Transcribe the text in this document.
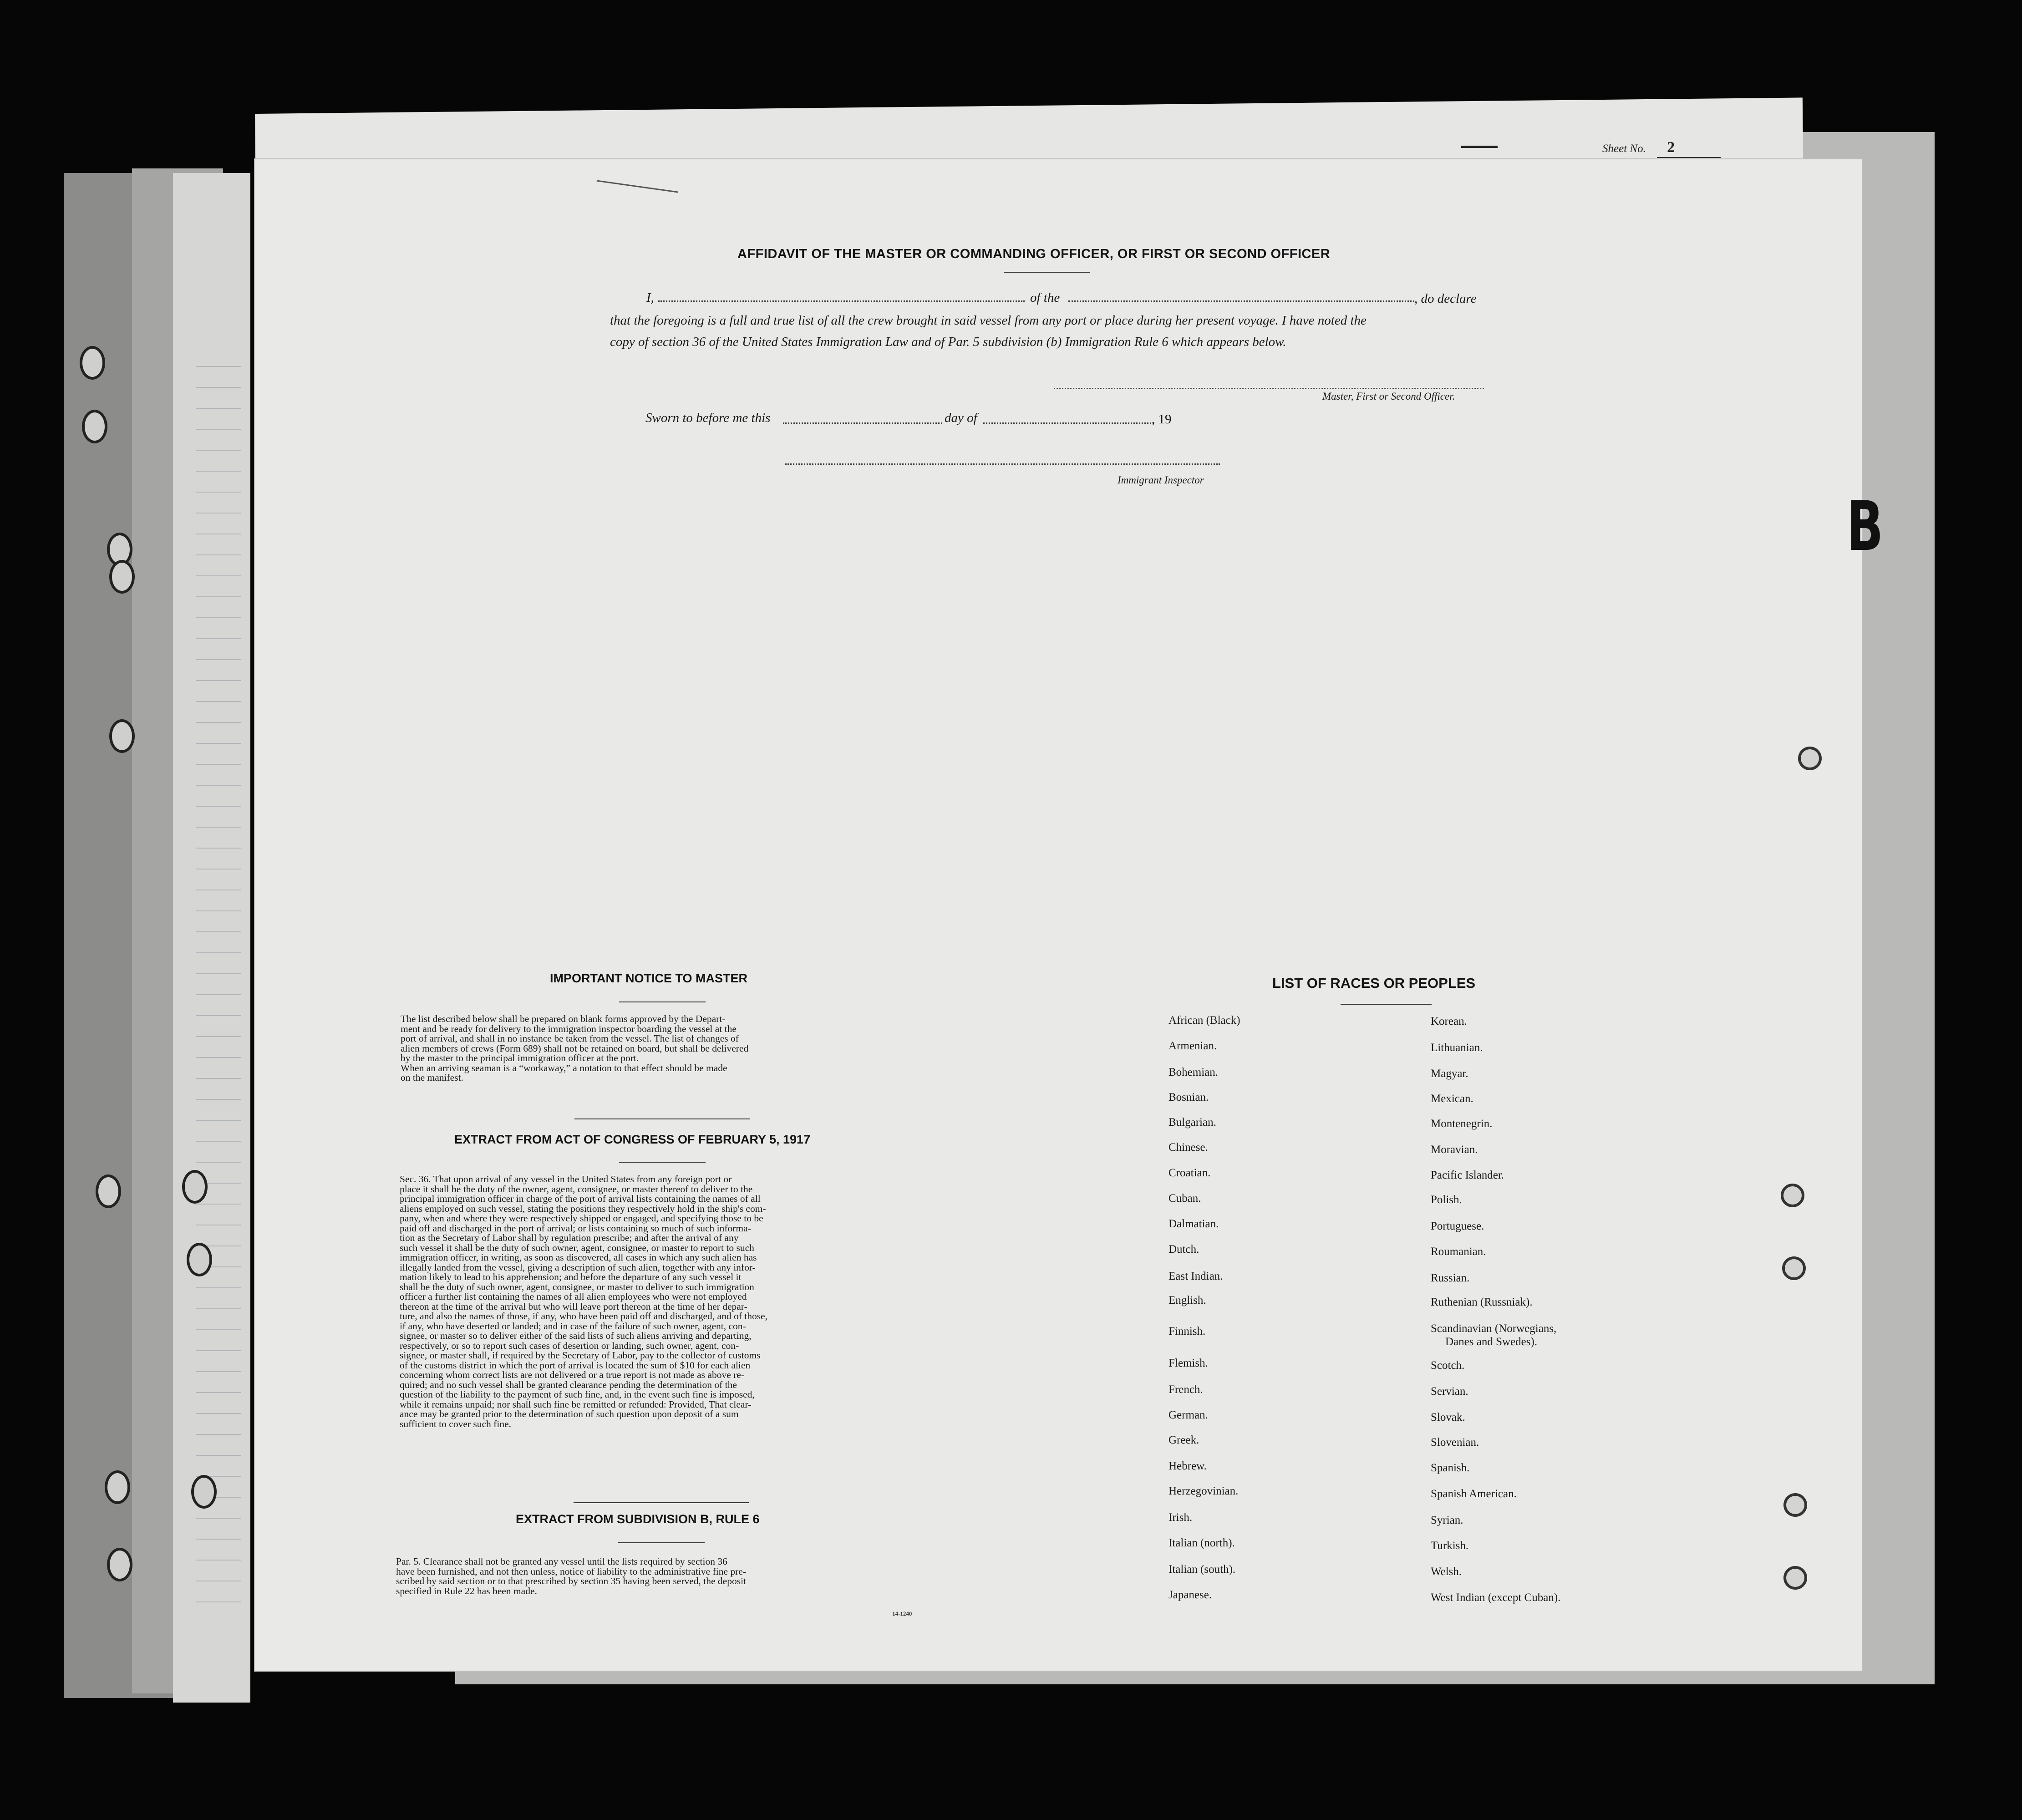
Sheet No. 2
B
AFFIDAVIT OF THE MASTER OR COMMANDING OFFICER, OR FIRST OR SECOND OFFICER
I,	of the	, do declare
that the foregoing is a full and true list of all the crew brought in said vessel from any port or place during her present voyage. I have noted the
copy of section 36 of the United States Immigration Law and of Par. 5 subdivision (b) Immigration Rule 6 which appears below.
Master, First or Second Officer.
Sworn to before me this	day of	, 19
Immigrant Inspector
IMPORTANT NOTICE TO MASTER

The list described below shall be prepared on blank forms approved by the Depart-

ment and be ready for delivery to the immigration inspector boarding the vessel at the

port of arrival, and shall in no instance be taken from the vessel. The list of changes of

alien members of crews (Form 689) shall not be retained on board, but shall be delivered

by the master to the principal immigration officer at the port.

When an arriving seaman is a “workaway,” a notation to that effect should be made

on the manifest.

EXTRACT FROM ACT OF CONGRESS OF FEBRUARY 5, 1917

Sec. 36. That upon arrival of any vessel in the United States from any foreign port or

place it shall be the duty of the owner, agent, consignee, or master thereof to deliver to the

principal immigration officer in charge of the port of arrival lists containing the names of all

aliens employed on such vessel, stating the positions they respectively hold in the ship's com-

pany, when and where they were respectively shipped or engaged, and specifying those to be

paid off and discharged in the port of arrival; or lists containing so much of such informa-

tion as the Secretary of Labor shall by regulation prescribe; and after the arrival of any

such vessel it shall be the duty of such owner, agent, consignee, or master to report to such

immigration officer, in writing, as soon as discovered, all cases in which any such alien has

illegally landed from the vessel, giving a description of such alien, together with any infor-

mation likely to lead to his apprehension; and before the departure of any such vessel it

shall be the duty of such owner, agent, consignee, or master to deliver to such immigration

officer a further list containing the names of all alien employees who were not employed

thereon at the time of the arrival but who will leave port thereon at the time of her depar-

ture, and also the names of those, if any, who have been paid off and discharged, and of those,

if any, who have deserted or landed; and in case of the failure of such owner, agent, con-

signee, or master so to deliver either of the said lists of such aliens arriving and departing,

respectively, or so to report such cases of desertion or landing, such owner, agent, con-

signee, or master shall, if required by the Secretary of Labor, pay to the collector of customs

of the customs district in which the port of arrival is located the sum of $10 for each alien

concerning whom correct lists are not delivered or a true report is not made as above re-

quired; and no such vessel shall be granted clearance pending the determination of the

question of the liability to the payment of such fine, and, in the event such fine is imposed,

while it remains unpaid; nor shall such fine be remitted or refunded: Provided, That clear-

ance may be granted prior to the determination of such question upon deposit of a sum

sufficient to cover such fine.

EXTRACT FROM SUBDIVISION B, RULE 6

Par. 5. Clearance shall not be granted any vessel until the lists required by section 36

have been furnished, and not then unless, notice of liability to the administrative fine pre-

scribed by said section or to that prescribed by section 35 having been served, the deposit

specified in Rule 22 has been made.

14-1240
LIST OF RACES OR PEOPLES
African (Black)
Armenian.
Bohemian.
Bosnian.
Bulgarian.
Chinese.
Croatian.
Cuban.
Dalmatian.
Dutch.
East Indian.
English.
Finnish.
Flemish.
French.
German.
Greek.
Hebrew.
Herzegovinian.
Irish.
Italian (north).
Italian (south).
Japanese.
Korean.
Lithuanian.
Magyar.
Mexican.
Montenegrin.
Moravian.
Pacific Islander.
Polish.
Portuguese.
Roumanian.
Russian.
Ruthenian (Russniak).
Scandinavian (Norwegians,
Danes and Swedes).
Scotch.
Servian.
Slovak.
Slovenian.
Spanish.
Spanish American.
Syrian.
Turkish.
Welsh.
West Indian (except Cuban).
